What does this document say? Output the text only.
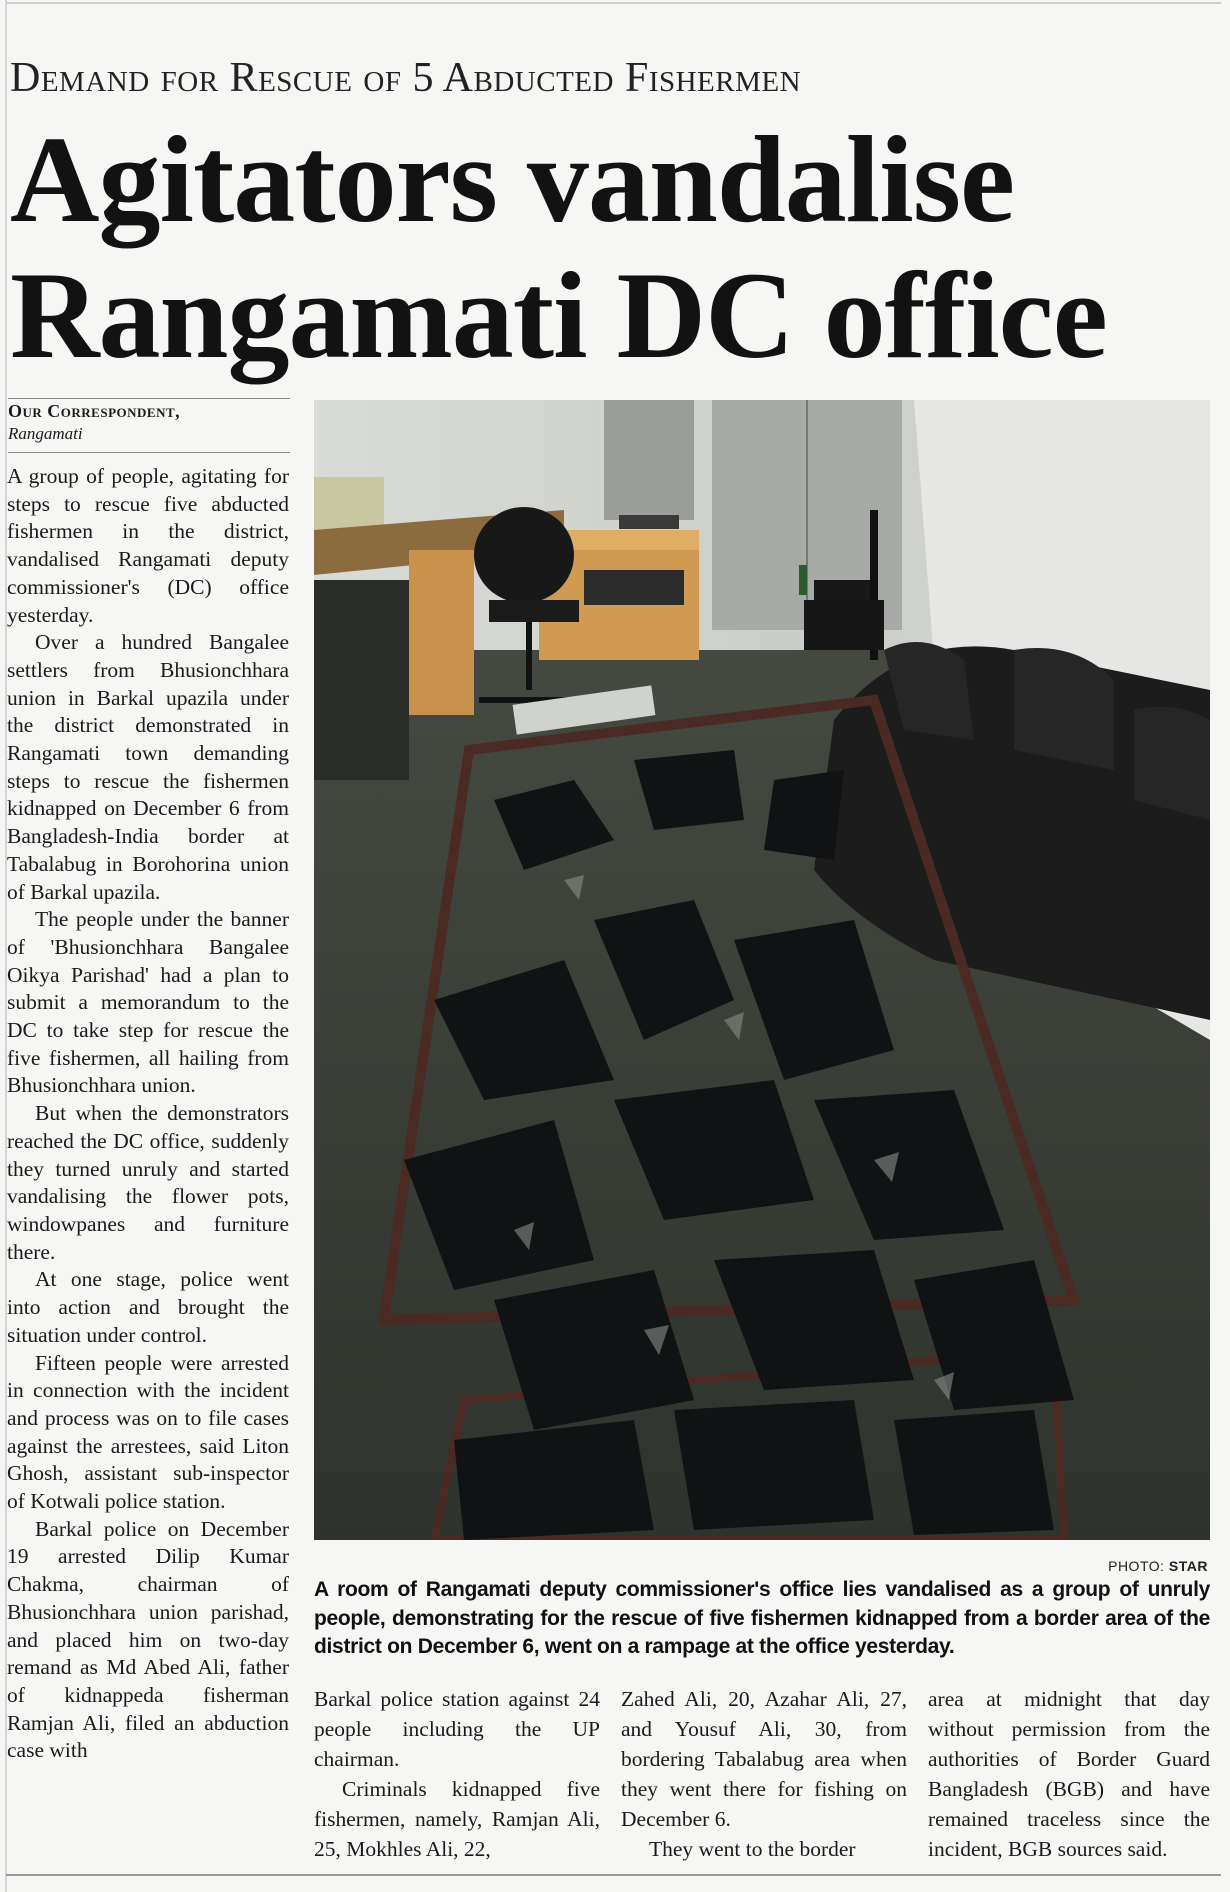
Demand for Rescue of 5 Abducted Fishermen
Agitators vandalise
Rangamati DC office
Our Correspondent,
Rangamati

A group of people, agitating for steps to rescue five abducted fishermen in the district, vandalised Rangamati deputy commissioner's (DC) office yesterday.

Over a hundred Bangalee settlers from Bhusionchhara union in Barkal upazila under the district demonstrated in Rangamati town demanding steps to rescue the fishermen kidnapped on December 6 from Bangladesh-India border at Tabalabug in Borohorina union of Barkal upazila.

The people under the banner of 'Bhusionchhara Bangalee Oikya Parishad' had a plan to submit a memorandum to the DC to take step for rescue the five fishermen, all hailing from Bhusionchhara union.

But when the demonstrators reached the DC office, suddenly they turned unruly and started vandalising the flower pots, windowpanes and furniture there.

At one stage, police went into action and brought the situation under control.

Fifteen people were arrested in connection with the incident and process was on to file cases against the arrestees, said Liton Ghosh, assistant sub-inspector of Kotwali police station.

Barkal police on December 19 arrested Dilip Kumar Chakma, chairman of Bhusionchhara union parishad, and placed him on two-day remand as Md Abed Ali, father of kidnappeda fisherman Ramjan Ali, filed an abduction case with

PHOTO: STAR

A room of Rangamati deputy commissioner's office lies vandalised as a group of unruly people, demonstrating for the rescue of five fishermen kidnapped from a border area of the district on December 6, went on a rampage at the office yesterday.

Barkal police station against 24 people including the UP chairman.

Criminals kidnapped five fishermen, namely, Ramjan Ali, 25, Mokhles Ali, 22,

Zahed Ali, 20, Azahar Ali, 27, and Yousuf Ali, 30, from bordering Tabalabug area when they went there for fishing on December 6.

They went to the border

area at midnight that day without permission from the authorities of Border Guard Bangladesh (BGB) and have remained traceless since the incident, BGB sources said.
